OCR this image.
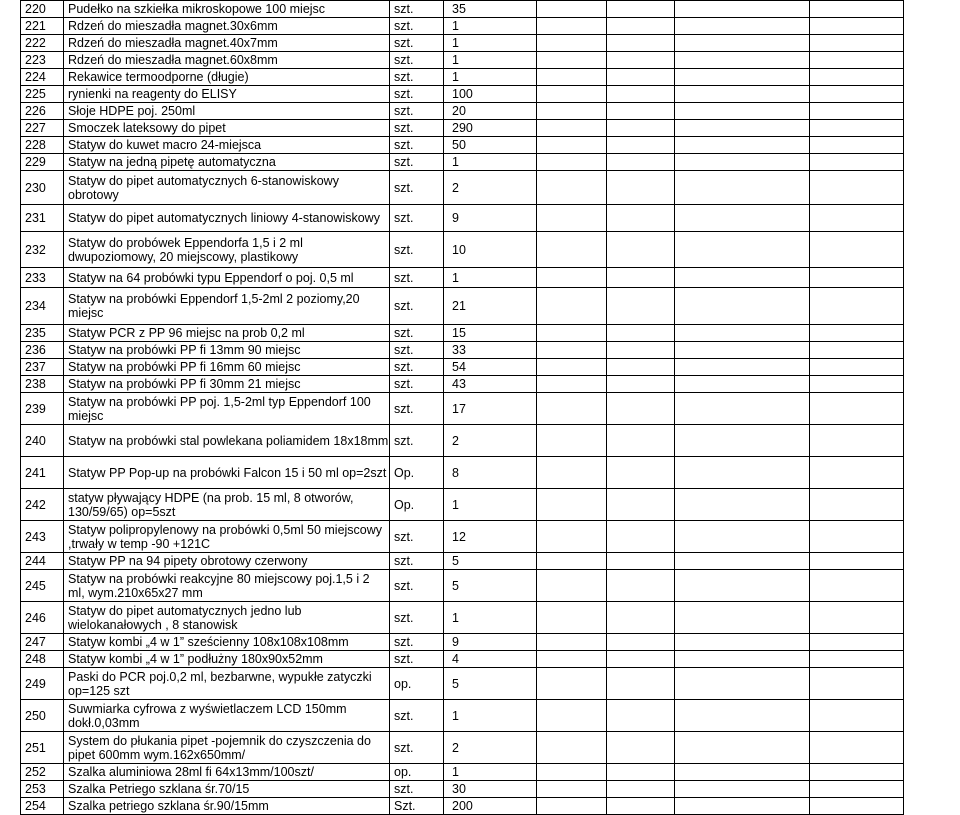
220	Pudełko na szkiełka mikroskopowe 100 miejsc	szt.	35				
221	Rdzeń do mieszadła magnet.30x6mm	szt.	1				
222	Rdzeń do mieszadła magnet.40x7mm	szt.	1				
223	Rdzeń do mieszadła magnet.60x8mm	szt.	1				
224	Rekawice termoodporne (długie)	szt.	1				
225	rynienki na reagenty do ELISY	szt.	100				
226	Słoje HDPE poj. 250ml	szt.	20				
227	Smoczek lateksowy do pipet	szt.	290				
228	Statyw do kuwet macro 24-miejsca	szt.	50				
229	Statyw na jedną pipetę automatyczna	szt.	1				
230	Statyw do pipet automatycznych 6-stanowiskowy obrotowy	szt.	2				
231	Statyw do pipet automatycznych liniowy 4-stanowiskowy	szt.	9				
232	Statyw do probówek Eppendorfa 1,5 i 2 ml dwupoziomowy, 20 miejscowy, plastikowy	szt.	10				
233	Statyw na 64 probówki typu Eppendorf o poj. 0,5 ml	szt.	1				
234	Statyw na probówki Eppendorf 1,5-2ml 2 poziomy,20 miejsc	szt.	21				
235	Statyw PCR z PP 96 miejsc na prob 0,2 ml	szt.	15				
236	Statyw na probówki PP fi 13mm 90 miejsc	szt.	33				
237	Statyw na probówki PP fi 16mm 60 miejsc	szt.	54				
238	Statyw na probówki PP fi 30mm 21 miejsc	szt.	43				
239	Statyw na probówki PP poj. 1,5-2ml typ Eppendorf 100 miejsc	szt.	17				
240	Statyw na probówki stal powlekana poliamidem 18x18mm	szt.	2				
241	Statyw PP Pop-up na probówki Falcon 15 i 50 ml op=2szt	Op.	8				
242	statyw pływający HDPE (na prob. 15 ml, 8 otworów, 130/59/65) op=5szt	Op.	1				
243	Statyw polipropylenowy na probówki 0,5ml 50 miejscowy ,trwały w temp -90 +121C	szt.	12				
244	Statyw PP na 94 pipety obrotowy czerwony	szt.	5				
245	Statyw na probówki reakcyjne 80 miejscowy poj.1,5 i 2 ml, wym.210x65x27 mm	szt.	5				
246	Statyw do pipet automatycznych jedno lub wielokanałowych , 8 stanowisk	szt.	1				
247	Statyw kombi „4 w 1” sześcienny 108x108x108mm	szt.	9				
248	Statyw kombi „4 w 1” podłużny 180x90x52mm	szt.	4				
249	Paski do PCR poj.0,2 ml, bezbarwne, wypukłe zatyczki op=125 szt	op.	5				
250	Suwmiarka cyfrowa z wyświetlaczem LCD 150mm dokł.0,03mm	szt.	1				
251	System do płukania pipet -pojemnik do czyszczenia do pipet 600mm wym.162x650mm/	szt.	2				
252	Szalka aluminiowa 28ml fi 64x13mm/100szt/	op.	1				
253	Szalka Petriego szklana śr.70/15	szt.	30				
254	Szalka petriego szklana śr.90/15mm	Szt.	200				
